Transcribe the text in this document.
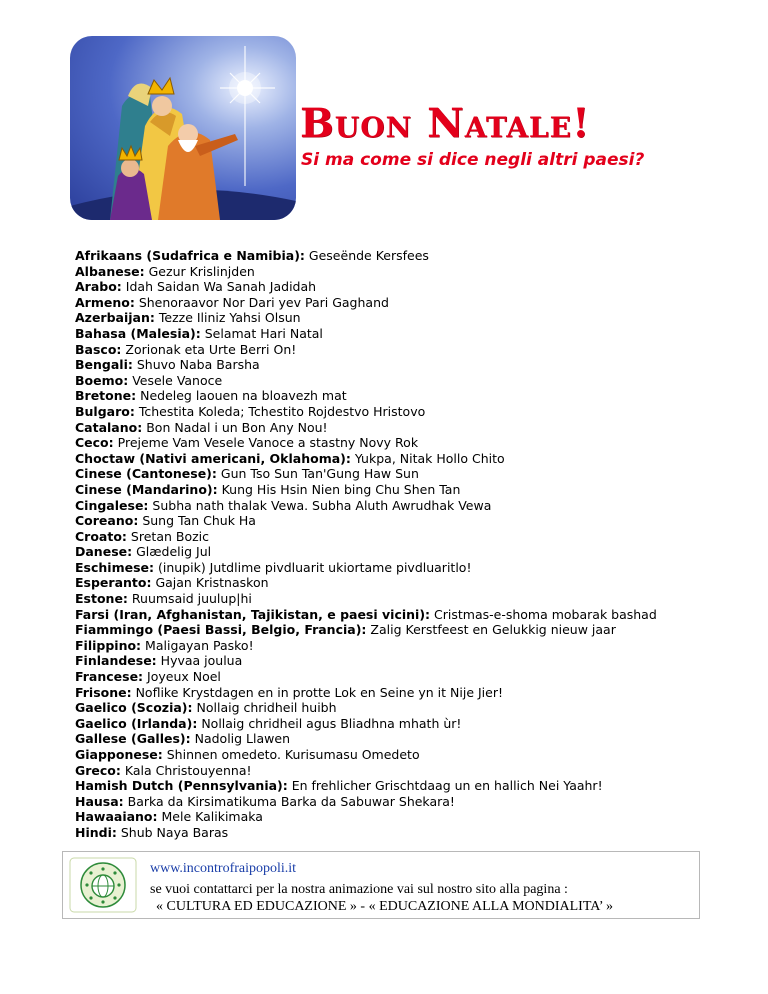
Buon Natale!
Si ma come si dice negli altri paesi?
Afrikaans (Sudafrica e Namibia): Geseënde Kersfees
Albanese: Gezur Krislinjden
Arabo: Idah Saidan Wa Sanah Jadidah
Armeno: Shenoraavor Nor Dari yev Pari Gaghand
Azerbaijan: Tezze Iliniz Yahsi Olsun
Bahasa (Malesia): Selamat Hari Natal
Basco: Zorionak eta Urte Berri On!
Bengali: Shuvo Naba Barsha
Boemo: Vesele Vanoce
Bretone: Nedeleg laouen na bloavezh mat
Bulgaro: Tchestita Koleda; Tchestito Rojdestvo Hristovo
Catalano: Bon Nadal i un Bon Any Nou!
Ceco: Prejeme Vam Vesele Vanoce a stastny Novy Rok
Choctaw (Nativi americani, Oklahoma): Yukpa, Nitak Hollo Chito
Cinese (Cantonese): Gun Tso Sun Tan'Gung Haw Sun
Cinese (Mandarino): Kung His Hsin Nien bing Chu Shen Tan
Cingalese: Subha nath thalak Vewa. Subha Aluth Awrudhak Vewa
Coreano: Sung Tan Chuk Ha
Croato: Sretan Bozic
Danese: Glædelig Jul
Eschimese: (inupik) Jutdlime pivdluarit ukiortame pivdluaritlo!
Esperanto: Gajan Kristnaskon
Estone: Ruumsaid juulup|hi
Farsi (Iran, Afghanistan, Tajikistan, e paesi vicini): Cristmas-e-shoma mobarak bashad
Fiammingo (Paesi Bassi, Belgio, Francia): Zalig Kerstfeest en Gelukkig nieuw jaar
Filippino: Maligayan Pasko!
Finlandese: Hyvaa joulua
Francese: Joyeux Noel
Frisone: Noflike Krystdagen en in protte Lok en Seine yn it Nije Jier!
Gaelico (Scozia): Nollaig chridheil huibh
Gaelico (Irlanda): Nollaig chridheil agus Bliadhna mhath ùr!
Gallese (Galles): Nadolig Llawen
Giapponese: Shinnen omedeto. Kurisumasu Omedeto
Greco: Kala Christouyenna!
Hamish Dutch (Pennsylvania): En frehlicher Grischtdaag un en hallich Nei Yaahr!
Hausa: Barka da Kirsimatikuma Barka da Sabuwar Shekara!
Hawaaiano: Mele Kalikimaka
Hindi: Shub Naya Baras
www.incontrofraipopoli.it
se vuoi contattarci per la nostra animazione vai sul nostro sito alla pagina :
« CULTURA ED EDUCAZIONE » - « EDUCAZIONE ALLA MONDIALITA’ »
